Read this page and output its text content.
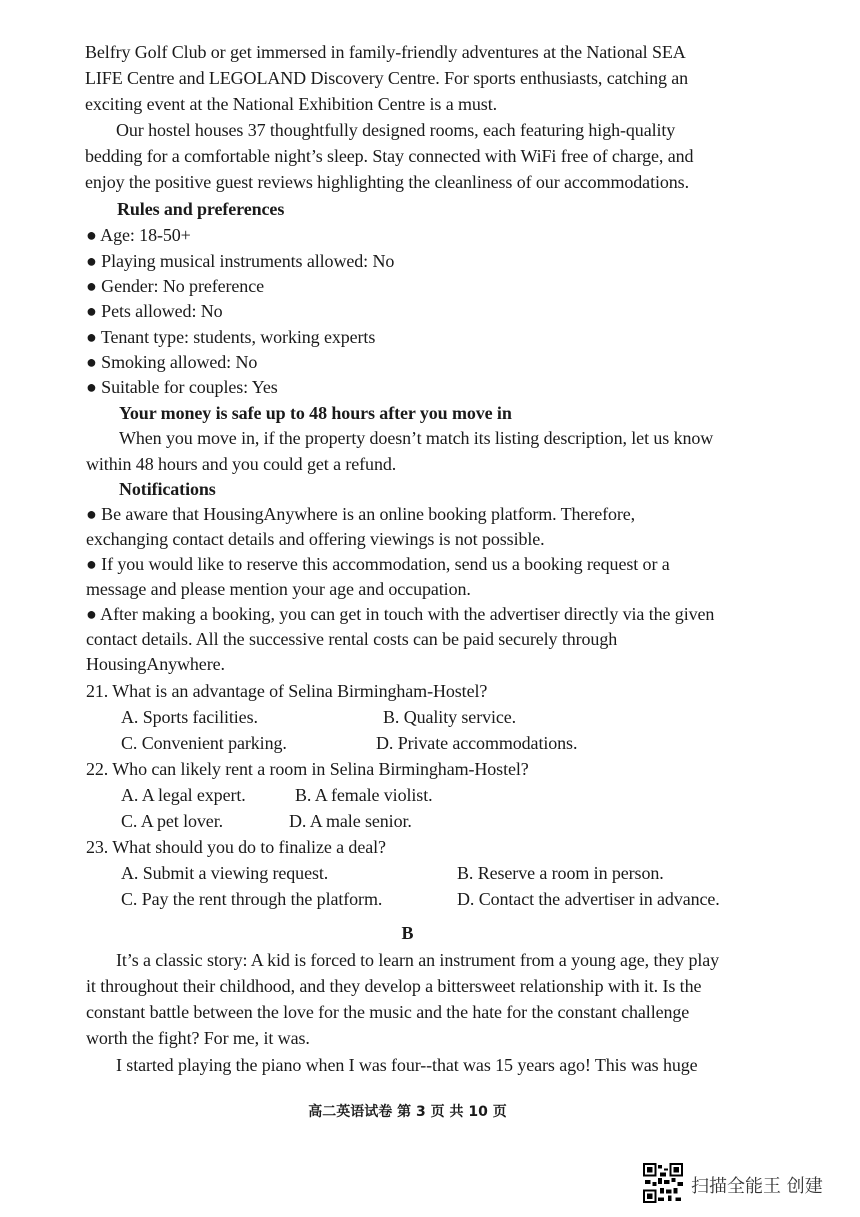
Belfry Golf Club or get immersed in family-friendly adventures at the National SEA
LIFE Centre and LEGOLAND Discovery Centre. For sports enthusiasts, catching an
exciting event at the National Exhibition Centre is a must.
Our hostel houses 37 thoughtfully designed rooms, each featuring high-quality
bedding for a comfortable night’s sleep. Stay connected with WiFi free of charge, and
enjoy the positive guest reviews highlighting the cleanliness of our accommodations.
Rules and preferences
● Age: 18-50+
● Playing musical instruments allowed: No
● Gender: No preference
● Pets allowed: No
● Tenant type: students, working experts
● Smoking allowed: No
● Suitable for couples: Yes
Your money is safe up to 48 hours after you move in
When you move in, if the property doesn’t match its listing description, let us know
within 48 hours and you could get a refund.
Notifications
● Be aware that HousingAnywhere is an online booking platform. Therefore,
exchanging contact details and offering viewings is not possible.
● If you would like to reserve this accommodation, send us a booking request or a
message and please mention your age and occupation.
● After making a booking, you can get in touch with the advertiser directly via the given
contact details. All the successive rental costs can be paid securely through
HousingAnywhere.
21. What is an advantage of Selina Birmingham-Hostel?
A. Sports facilities.	B. Quality service.
C. Convenient parking.	D. Private accommodations.
22. Who can likely rent a room in Selina Birmingham-Hostel?
A. A legal expert.	B. A female violist.
C. A pet lover.	D. A male senior.
23. What should you do to finalize a deal?
A. Submit a viewing request.	B. Reserve a room in person.
C. Pay the rent through the platform.	D. Contact the advertiser in advance.
B
It’s a classic story: A kid is forced to learn an instrument from a young age, they play
it throughout their childhood, and they develop a bittersweet relationship with it. Is the
constant battle between the love for the music and the hate for the constant challenge
worth the fight? For me, it was.
I started playing the piano when I was four--that was 15 years ago! This was huge
高二英语试卷 第 3 页 共 10 页
扫描全能王 创建
